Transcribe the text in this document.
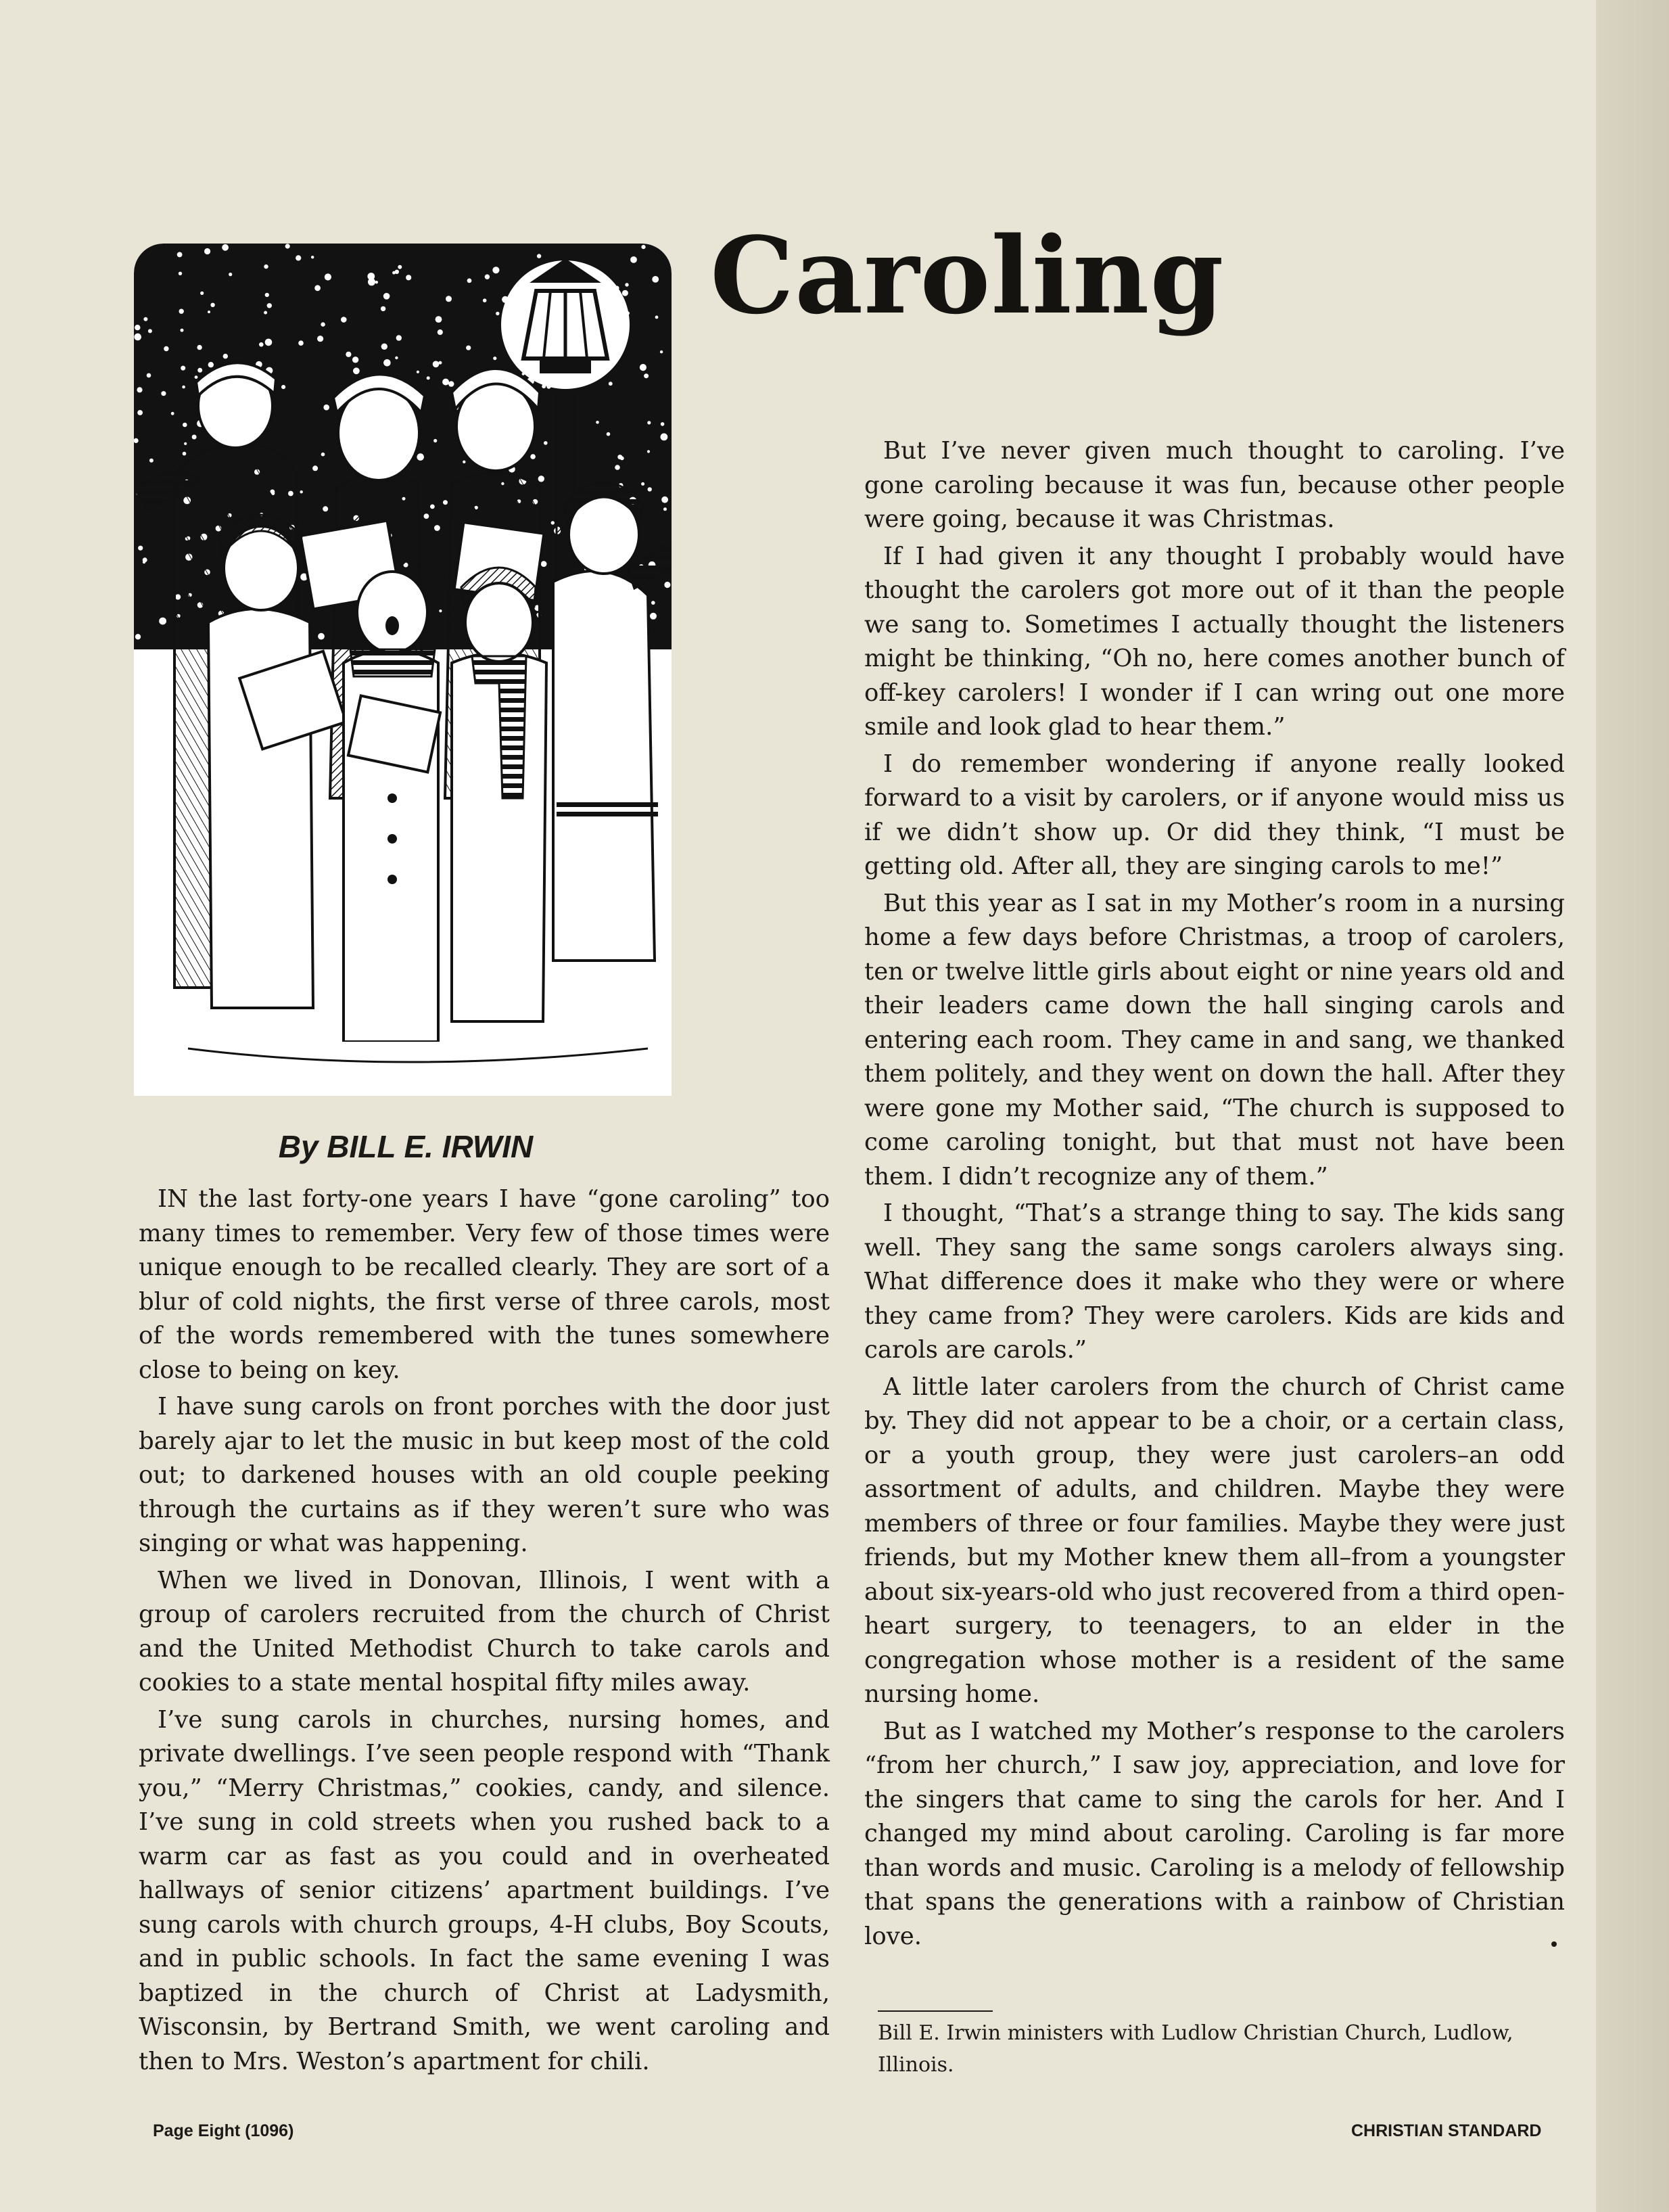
Caroling
By BILL E. IRWIN

IN the last forty-one years I have “gone caroling” too many times to remember. Very few of those times were unique enough to be recalled clearly. They are sort of a blur of cold nights, the first verse of three carols, most of the words remembered with the tunes somewhere close to being on key.

I have sung carols on front porches with the door just barely ajar to let the music in but keep most of the cold out; to darkened houses with an old couple peeking through the curtains as if they weren’t sure who was singing or what was happening.

When we lived in Donovan, Illinois, I went with a group of carolers recruited from the church of Christ and the United Methodist Church to take carols and cookies to a state mental hospital fifty miles away.

I’ve sung carols in churches, nursing homes, and private dwellings. I’ve seen people respond with “Thank you,” “Merry Christmas,” cookies, candy, and silence. I’ve sung in cold streets when you rushed back to a warm car as fast as you could and in overheated hallways of senior citizens’ apartment buildings. I’ve sung carols with church groups, 4-H clubs, Boy Scouts, and in public schools. In fact the same evening I was baptized in the church of Christ at Ladysmith, Wisconsin, by Bertrand Smith, we went caroling and then to Mrs. Weston’s apartment for chili.

But I’ve never given much thought to caroling. I’ve gone caroling because it was fun, because other people were going, because it was Christmas.

If I had given it any thought I probably would have thought the carolers got more out of it than the people we sang to. Sometimes I actually thought the listeners might be thinking, “Oh no, here comes another bunch of off-key carolers! I wonder if I can wring out one more smile and look glad to hear them.”

I do remember wondering if anyone really looked forward to a visit by carolers, or if anyone would miss us if we didn’t show up. Or did they think, “I must be getting old. After all, they are singing carols to me!”

But this year as I sat in my Mother’s room in a nursing home a few days before Christmas, a troop of carolers, ten or twelve little girls about eight or nine years old and their leaders came down the hall singing carols and entering each room. They came in and sang, we thanked them politely, and they went on down the hall. After they were gone my Mother said, “The church is supposed to come caroling tonight, but that must not have been them. I didn’t recognize any of them.”

I thought, “That’s a strange thing to say. The kids sang well. They sang the same songs carolers always sing. What difference does it make who they were or where they came from? They were carolers. Kids are kids and carols are carols.”

A little later carolers from the church of Christ came by. They did not appear to be a choir, or a certain class, or a youth group, they were just carolers–an odd assortment of adults, and children. Maybe they were members of three or four families. Maybe they were just friends, but my Mother knew them all–from a youngster about six-years-old who just recovered from a third open-heart surgery, to teenagers, to an elder in the congregation whose mother is a resident of the same nursing home.

But as I watched my Mother’s response to the carolers “from her church,” I saw joy, appreciation, and love for the singers that came to sing the carols for her. And I changed my mind about caroling. Caroling is far more than words and music. Caroling is a melody of fellowship that spans the generations with a rainbow of Christian love.

Bill E. Irwin ministers with Ludlow Christian Church, Ludlow, Illinois.

Page Eight (1096)	CHRISTIAN STANDARD
